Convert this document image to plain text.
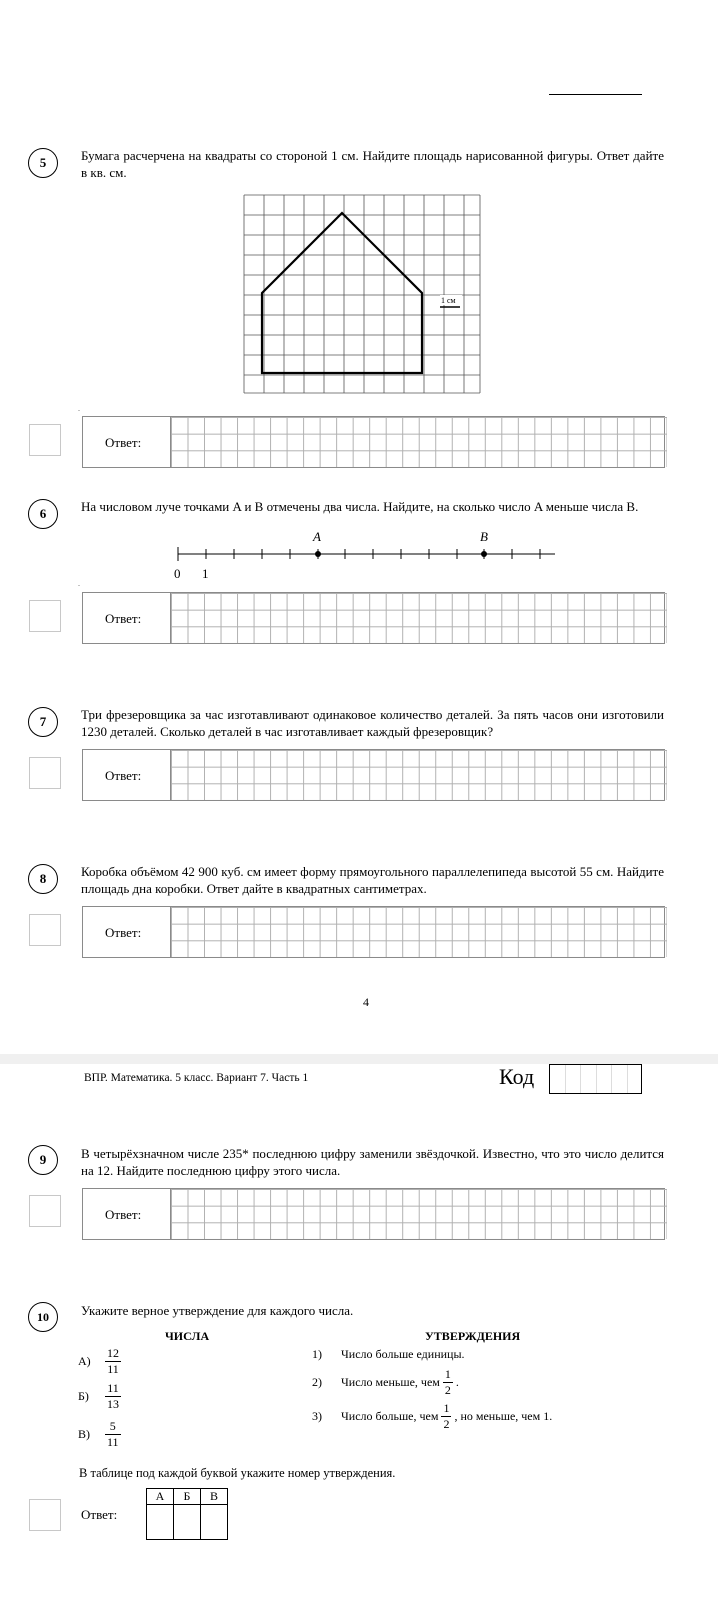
5	Бумага расчерчена на квадраты со стороной 1 см. Найдите площадь нарисованной фигуры. Ответ дайте в кв. см.
1 см
.
Ответ:
6	На числовом луче точками A и B отмечены два числа. Найдите, на сколько число A меньше числа B.
A	B
0 1
.
Ответ:
7	Три фрезеровщика за час изготавливают одинаковое количество деталей. За пять часов они изготовили 1230 деталей. Сколько деталей в час изготавливает каждый фрезеровщик?
Ответ:
8	Коробка объёмом 42 900 куб. см имеет форму прямоугольного параллелепипеда высотой 55 см. Найдите площадь дна коробки. Ответ дайте в квадратных сантиметрах.
Ответ:
4
ВПР. Математика. 5 класс. Вариант 7. Часть 1	Код
9	В четырёхзначном числе 235* последнюю цифру заменили звёздочкой. Известно, что это число делится на 12. Найдите последнюю цифру этого числа.
Ответ:
10	Укажите верное утверждение для каждого числа.
ЧИСЛА	УТВЕРЖДЕНИЯ
$А) \frac{12}{11}$
$Б) \frac{11}{13}$
$В) \frac{5}{11}$
1) Число больше единицы.
2) Число меньше, чем $\frac{1}{2}$ .
3) Число больше, чем $\frac{1}{2}$ , но меньше, чем 1.
В таблице под каждой буквой укажите номер утверждения.
Ответ:
А	Б	В
